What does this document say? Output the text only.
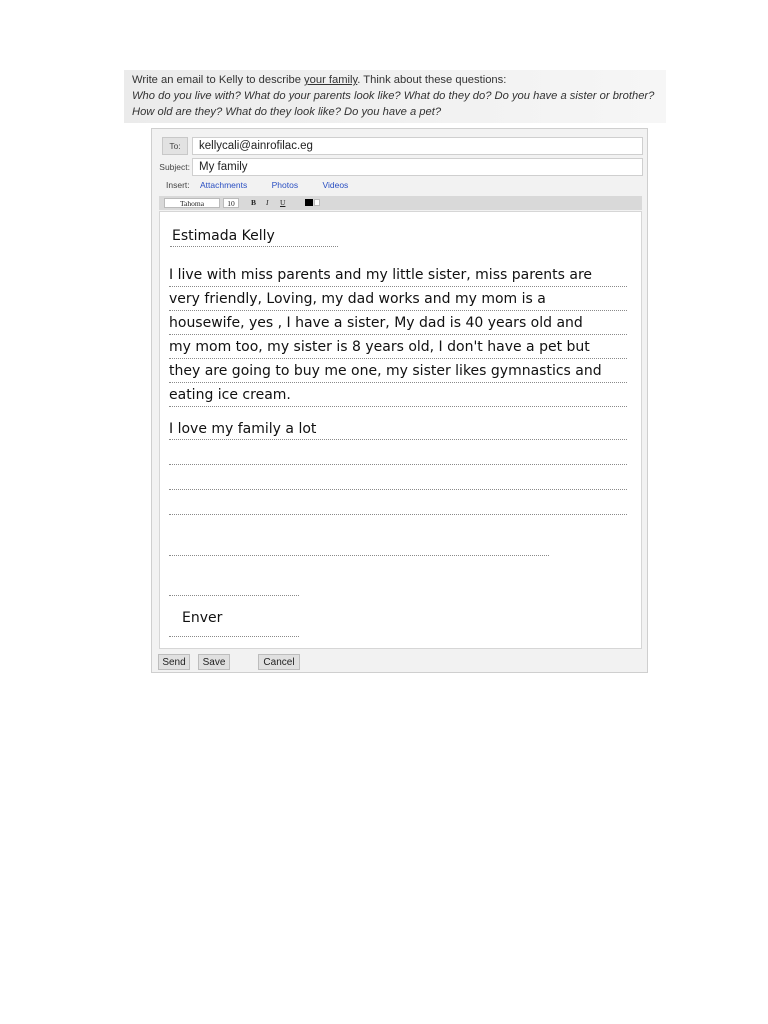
Write an email to Kelly to describe your family. Think about these questions:
Who do you live with? What do your parents look like? What do they do? Do you have a sister or brother?
How old are they? What do they look like? Do you have a pet?
To:	kellycali@ainrofilac.eg
Subject: My family
Insert: Attachments	Photos	Videos
Tahoma	10	B I U
Estimada Kelly
I live with miss parents and my little sister, miss parents are
very friendly, Loving, my dad works and my mom is a
housewife, yes , I have a sister, My dad is 40 years old and
my mom too, my sister is 8 years old, I don't have a pet but
they are going to buy me one, my sister likes gymnastics and
eating ice cream.
I love my family a lot
Enver
Send	Save	Cancel
